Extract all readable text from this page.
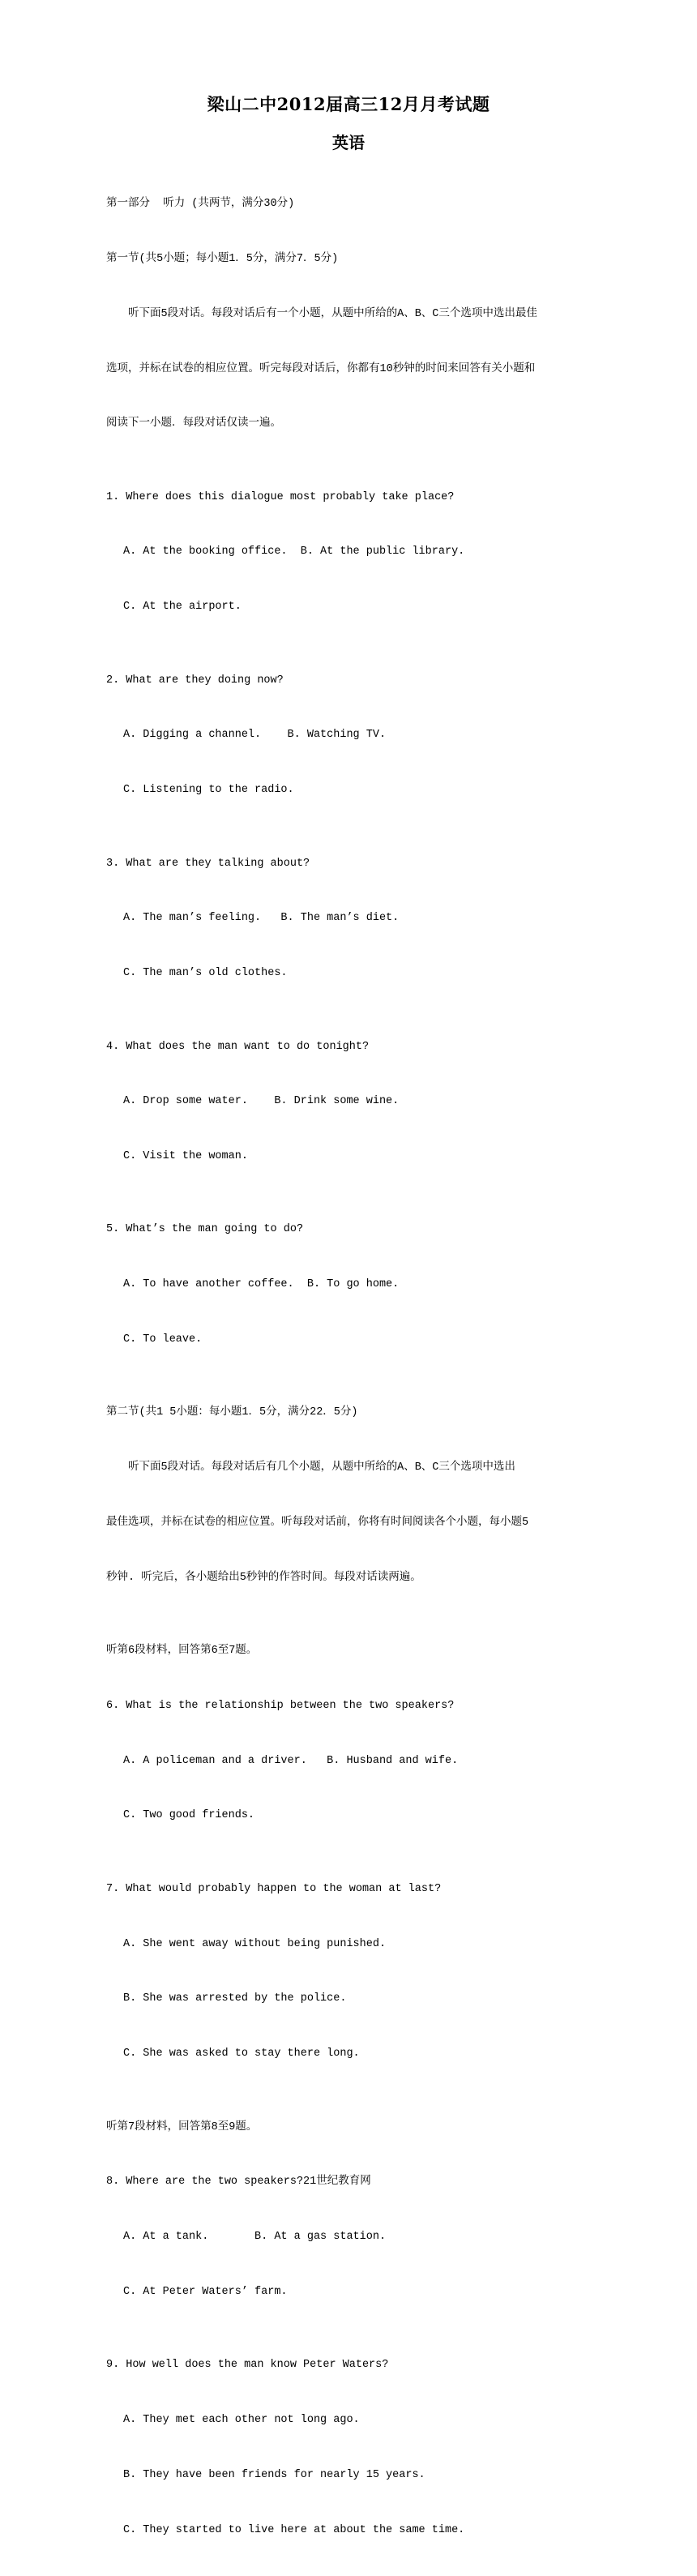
梁山二中2012届高三12月月考试题
英语

第一部分  听力 (共两节，满分30分)

第一节(共5小题；每小题1．5分，满分7．5分)

听下面5段对话。每段对话后有一个小题，从题中所给的A、B、C三个选项中选出最佳

选项，并标在试卷的相应位置。听完每段对话后，你都有10秒钟的时间来回答有关小题和

阅读下一小题．每段对话仅读一遍。

1. Where does this dialogue most probably take place?

A. At the booking office.  B. At the public library.

C. At the airport.

2. What are they doing now?

A. Digging a channel.    B. Watching TV.

C. Listening to the radio.

3. What are they talking about?

A. The man’s feeling.   B. The man’s diet.

C. The man’s old clothes.

4. What does the man want to do tonight?

A. Drop some water.    B. Drink some wine.

C. Visit the woman.

5. What’s the man going to do?

A. To have another coffee.  B. To go home.

C. To leave.

第二节(共1 5小题：每小题1．5分，满分22．5分)

听下面5段对话。每段对话后有几个小题，从题中所给的A、B、C三个选项中选出

最佳选项，并标在试卷的相应位置。听每段对话前，你将有时间阅读各个小题，每小题5

秒钟. 听完后，各小题给出5秒钟的作答时间。每段对话读两遍。

听第6段材料，回答第6至7题。

6. What is the relationship between the two speakers?

A. A policeman and a driver.   B. Husband and wife.

C. Two good friends.

7. What would probably happen to the woman at last?

A. She went away without being punished.

B. She was arrested by the police.

C. She was asked to stay there long.

听第7段材料，回答第8至9题。

8. Where are the two speakers?21世纪教育网

A. At a tank.       B. At a gas station.

C. At Peter Waters’ farm.

9. How well does the man know Peter Waters?

A. They met each other not long ago.

B. They have been friends for nearly 15 years.

C. They started to live here at about the same time.
